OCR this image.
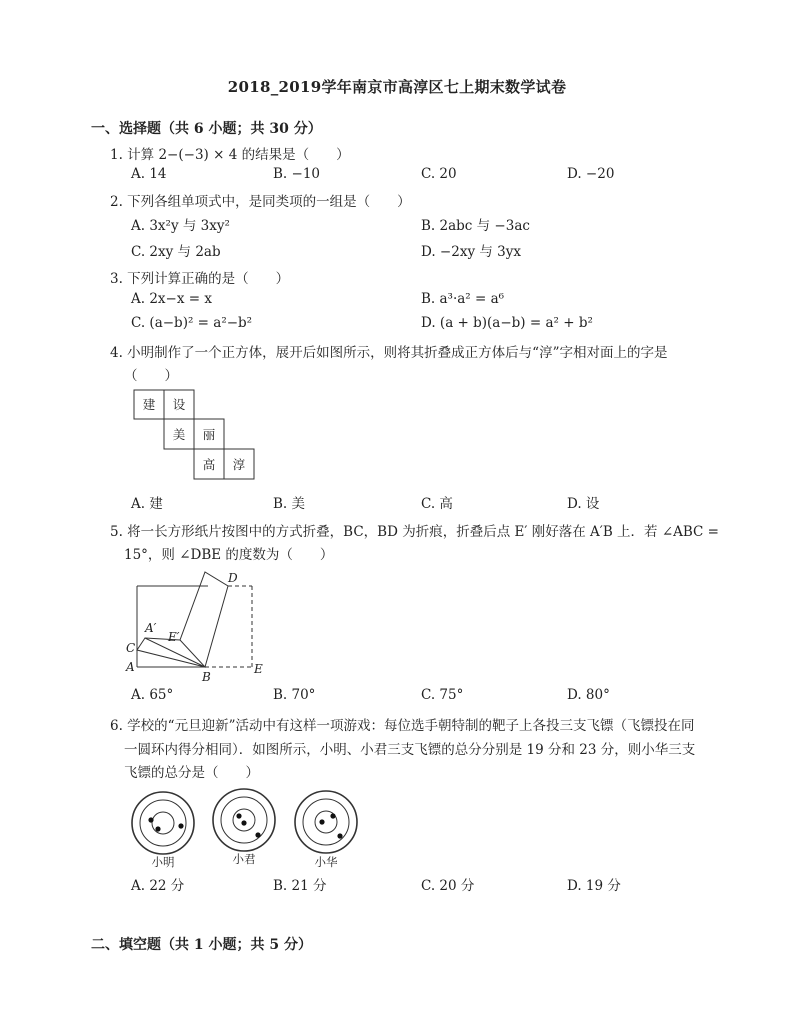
2018_2019学年南京市高淳区七上期末数学试卷
一、选择题（共 6 小题；共 30 分）
1. 计算 2−(−3) × 4 的结果是（　　）
A. 14	B. −10	C. 20	D. −20
2. 下列各组单项式中，是同类项的一组是（　　）
A. 3x²y 与 3xy²	B. 2abc 与 −3ac
C. 2xy 与 2ab	D. −2xy 与 3yx
3. 下列计算正确的是（　　）
A. 2x−x = x	B. a³·a² = a⁶
C. (a−b)² = a²−b²	D. (a + b)(a−b) = a² + b²
4. 小明制作了一个正方体，展开后如图所示，则将其折叠成正方体后与“淳”字相对面上的字是
（　　）
建 设
美 丽
高 淳
A. 建	B. 美	C. 高	D. 设
5. 将一长方形纸片按图中的方式折叠，BC，BD 为折痕，折叠后点 E′ 刚好落在 A′B 上．若 ∠ABC =
15°，则 ∠DBE 的度数为（　　）
C
A
A′
E′
B
D
E
A. 65°	B. 70°	C. 75°	D. 80°
6. 学校的“元旦迎新”活动中有这样一项游戏：每位选手朝特制的靶子上各投三支飞镖（飞镖投在同
一圆环内得分相同）．如图所示，小明、小君三支飞镖的总分分别是 19 分和 23 分，则小华三支
飞镖的总分是（　　）
小明	小君	小华
A. 22 分	B. 21 分	C. 20 分	D. 19 分
二、填空题（共 1 小题；共 5 分）
